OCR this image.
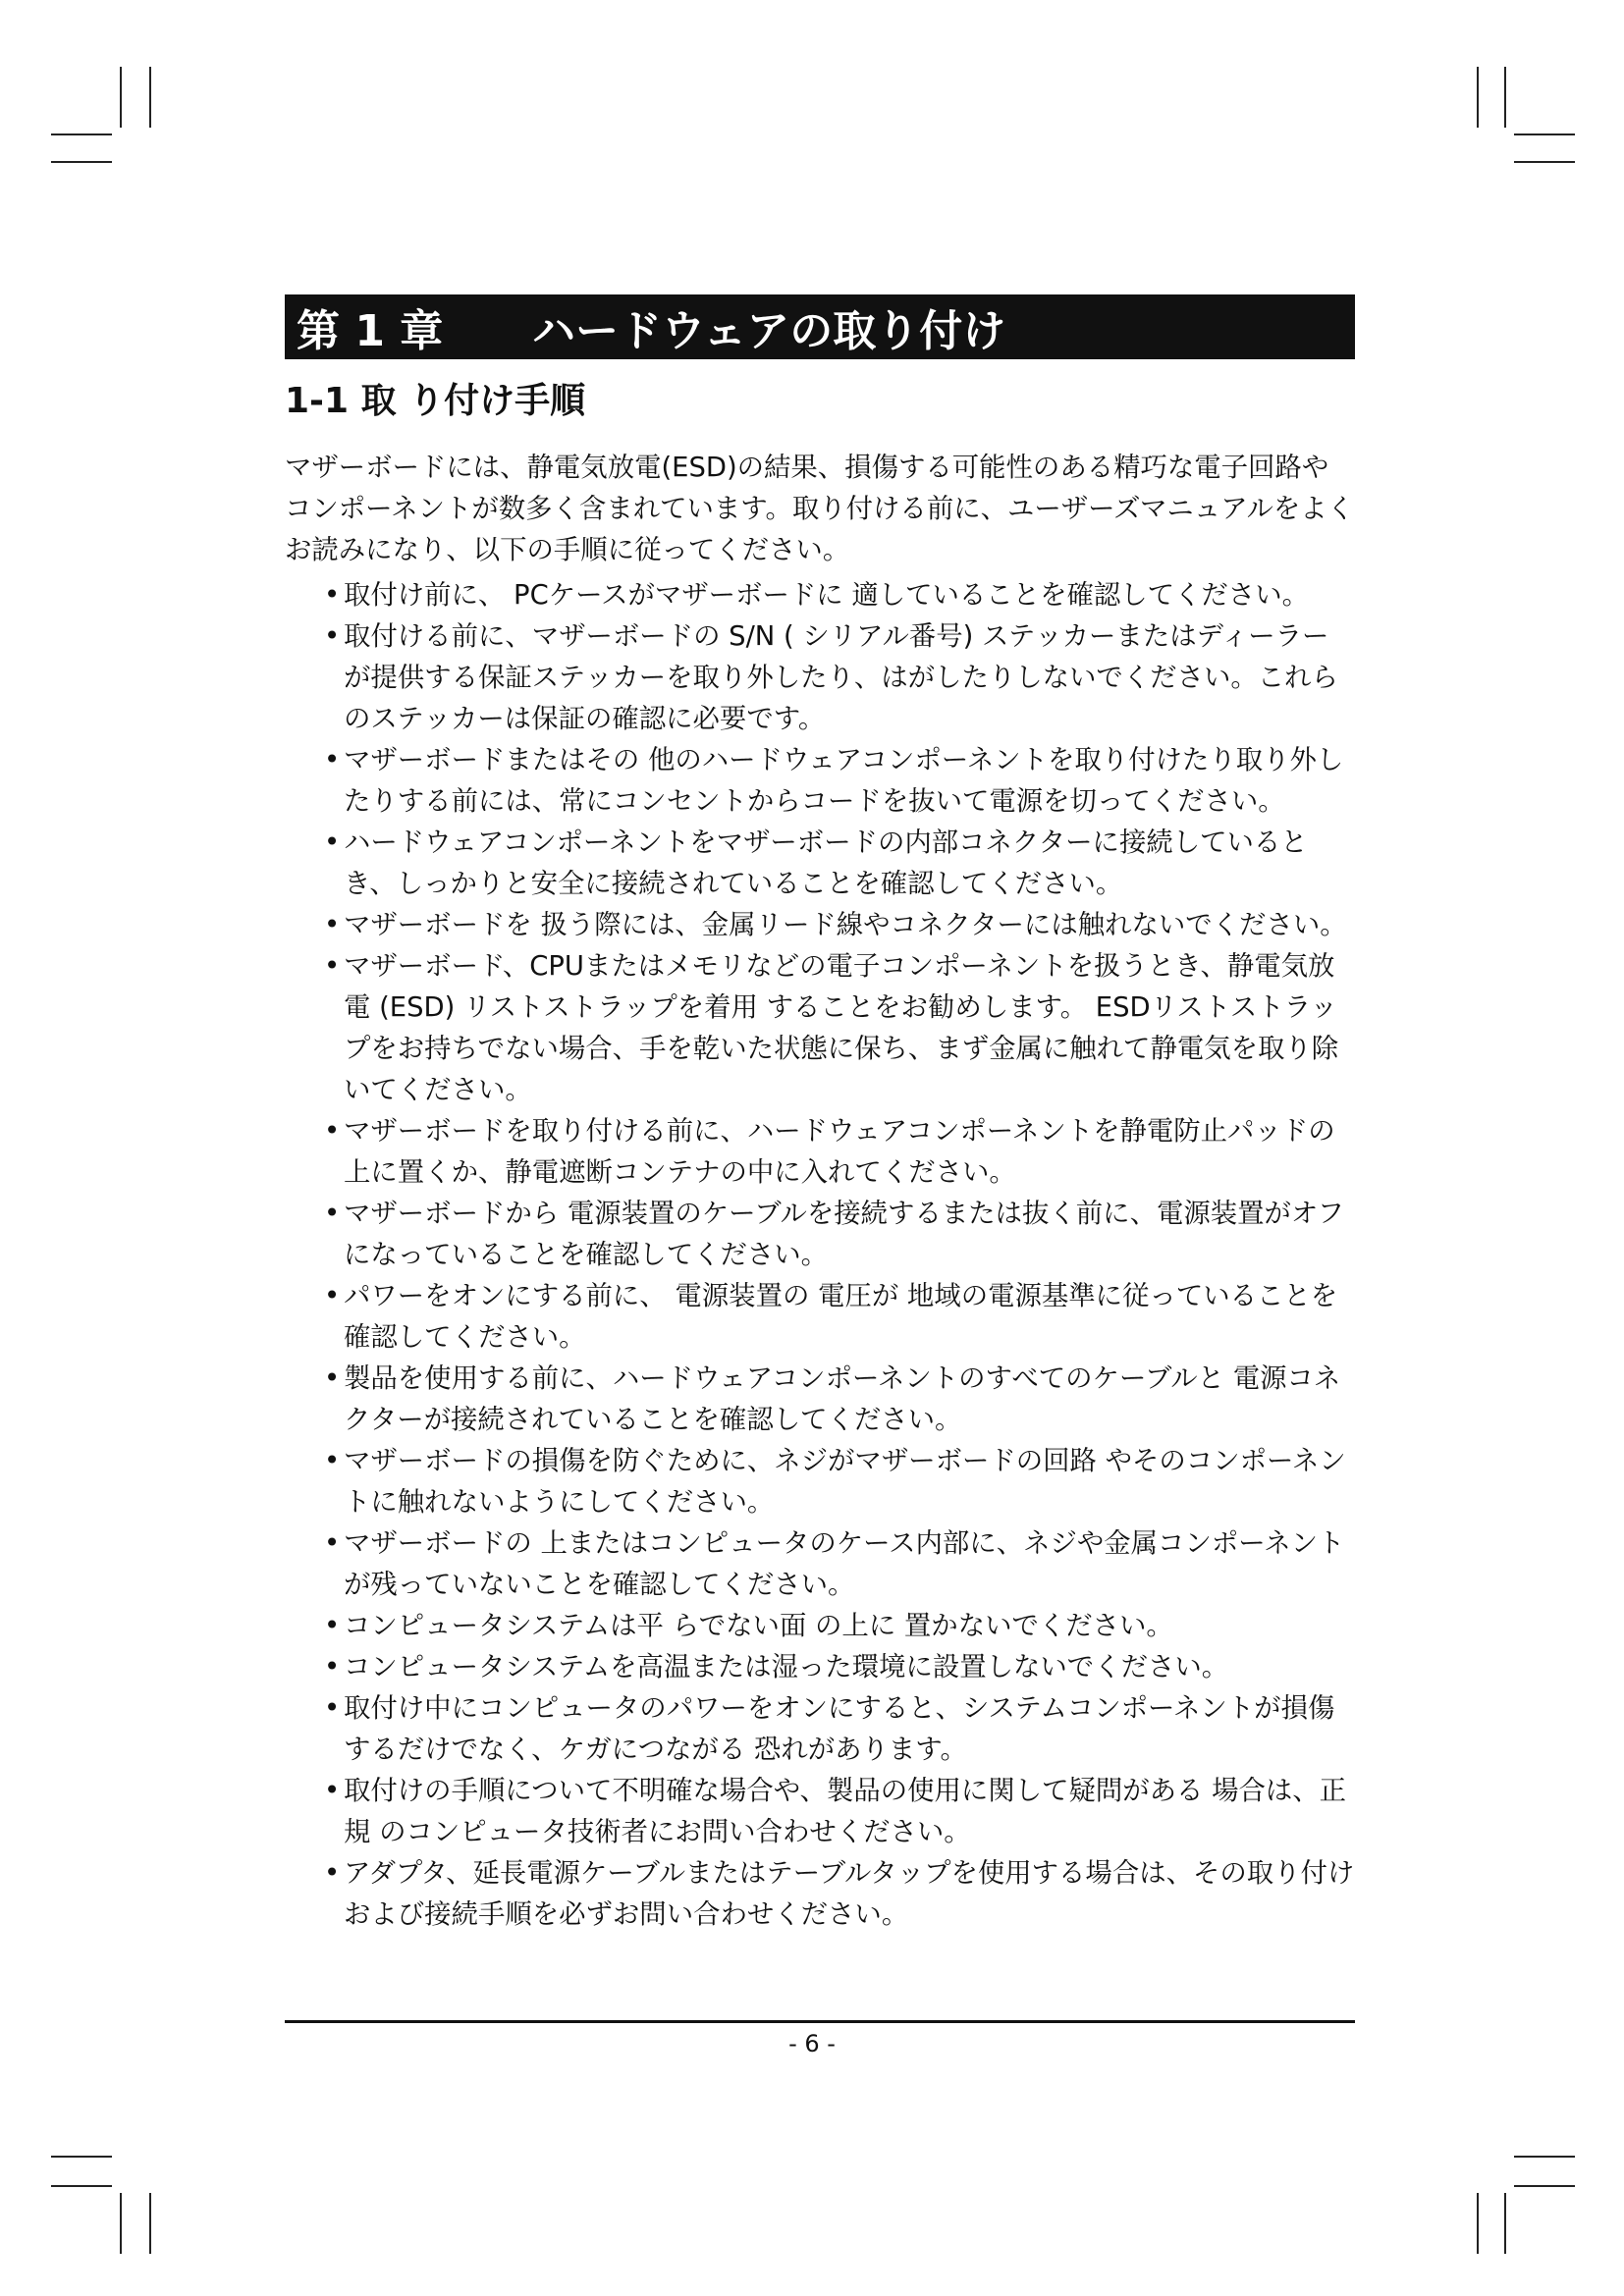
第 1 章	ハードウェアの取り付け
1-1 取 り付け手順
マザーボードには、静電気放電(ESD)の結果、損傷する可能性のある精巧な電子回路やコンポーネントが数多く含まれています。取り付ける前に、ユーザーズマニュアルをよくお読みになり、以下の手順に従ってください。
• 取付け前に、 PCケースがマザーボードに 適していることを確認してください。
• 取付ける前に、マザーボードの S/N ( シリアル番号) ステッカーまたはディーラーが提供する保証ステッカーを取り外したり、はがしたりしないでください。これらのステッカーは保証の確認に必要です。
• マザーボードまたはその 他のハードウェアコンポーネントを取り付けたり取り外したりする前には、常にコンセントからコードを抜いて電源を切ってください。
• ハードウェアコンポーネントをマザーボードの内部コネクターに接続しているとき、しっかりと安全に接続されていることを確認してください。
• マザーボードを 扱う際には、金属リード線やコネクターには触れないでください。
• マザーボード、CPUまたはメモリなどの電子コンポーネントを扱うとき、静電気放電 (ESD) リストストラップを着用 することをお勧めします。 ESDリストストラップをお持ちでない場合、手を乾いた状態に保ち、まず金属に触れて静電気を取り除いてください。
• マザーボードを取り付ける前に、ハードウェアコンポーネントを静電防止パッドの上に置くか、静電遮断コンテナの中に入れてください。
• マザーボードから 電源装置のケーブルを接続するまたは抜く前に、電源装置がオフになっていることを確認してください。
• パワーをオンにする前に、 電源装置の 電圧が 地域の電源基準に従っていることを確認してください。
• 製品を使用する前に、ハードウェアコンポーネントのすべてのケーブルと 電源コネクターが接続されていることを確認してください。
• マザーボードの損傷を防ぐために、ネジがマザーボードの回路 やそのコンポーネントに触れないようにしてください。
• マザーボードの 上またはコンピュータのケース内部に、ネジや金属コンポーネントが残っていないことを確認してください。
• コンピュータシステムは平 らでない面 の上に 置かないでください。
• コンピュータシステムを高温または湿った環境に設置しないでください。
• 取付け中にコンピュータのパワーをオンにすると、システムコンポーネントが損傷するだけでなく、ケガにつながる 恐れがあります。
• 取付けの手順について不明確な場合や、製品の使用に関して疑問がある 場合は、正規 のコンピュータ技術者にお問い合わせください。
• アダプタ、延長電源ケーブルまたはテーブルタップを使用する場合は、その取り付けおよび接続手順を必ずお問い合わせください。
- 6 -
